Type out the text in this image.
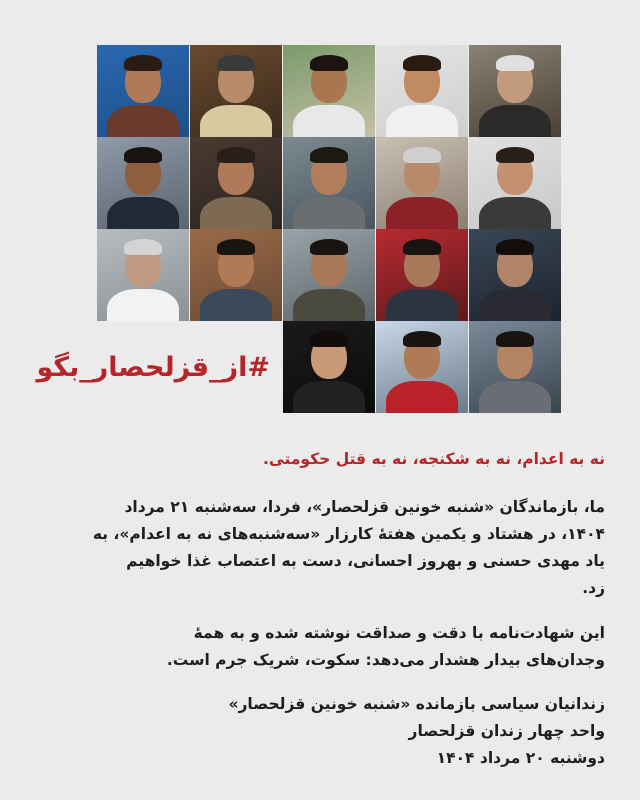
#از_قزلحصار_بگو
نه به اعدام، نه به شکنجه، نه به قتل حکومتی.
ما، بازماندگان «شنبه خونین قزلحصار»، فردا، سه‌شنبه ۲۱ مرداد
۱۴۰۴، در هشتاد و یکمین هفتهٔ کارزار «سه‌شنبه‌های نه به اعدام»، به
یاد مهدی حسنی و بهروز احسانی، دست به اعتصاب غذا خواهیم
زد.
این شهادت‌نامه با دقت و صداقت نوشته شده و به همهٔ
وجدان‌های بیدار هشدار می‌دهد: سکوت، شریک جرم است.
زندانیان سیاسی بازمانده «شنبه خونین قزلحصار»
واحد چهار زندان قزلحصار
دوشنبه ۲۰ مرداد ۱۴۰۴
